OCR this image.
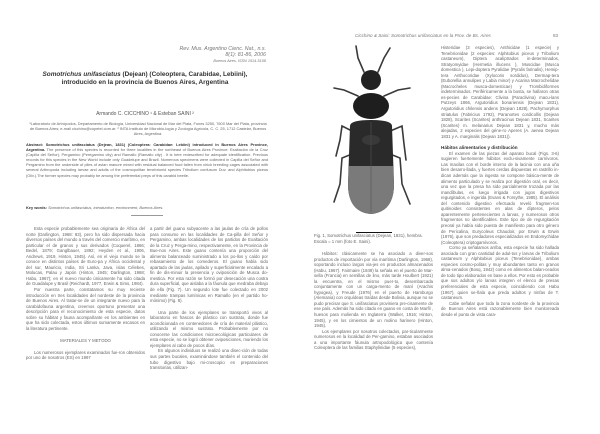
Rev. Mus. Argentino Cienc. Nat., n.s.
8(1): 81-86, 2006
Buenos Aires, ISSN 1514-5158
Somotrichus unifasciatus (Dejean) (Coleoptera, Carabidae, Lebiini), introducido en la provincia de Buenos Aires, Argentina
Armando C. CICCHINO ¹ & Esteban SAINI ²
¹Laboratorio de Artrópodos, Departamento de Biología, Universidad Nacional de Mar del Plata, Funes 3250, 7600 Mar del Plata, provincia de Buenos Aires; e-mail cicchino@copetel.com.ar. ² INTA Instituto de Microbio-logía y Zoología Agrícola, C. C. 25, 1712 Castelar, Buenos Aires, Argentina.
Abstract: Somotrichus unifasciatus (Dejean, 1831) (Coleoptera: Carabidae: Lebiini) introduced in Buenos Aires Province, Argentina. The presence of this species is recorded for three localities in the northeast of Buenos Aires Province: Exaltación de la Cruz (Capilla del Señor), Pergamino (Peregamino city) and Ramallo (Ramallo city) . It is here redescribed for adequate identification. Previous records for this species in the New World include only Guadelupe and Brazil. Numerous specimens were collected in Capilla del Señor and Pergamino from the underside of piles of avian manure mixed with residual balanced food fallen from chick breeding cages associated with several Arthropoda including larvae and adults of the cosmopolitan tenebrionid species Tribolium confusum Duv. and Alphitobius piceus (Oliv.).The former species may probably be among the preferential preys of this carabid beetle.
Key words: Somotrichus unifasciatus, introduction, environment, Buenos Aires.

Esta especie probablemente sea originaria de África del norte (Darlington, 1968: 83), pero ha sido dispersada hacia diversos países del mundo a través del comercio marítimo, en particular el de granos y sus derivados (Coquerel, 1866; Bedel, 1879; Ganglbauer, 1892; Heyden et al., 1906, Andrews, 1919, Hinton, 1945). Así, en el viejo mundo se la conoce en distintos países de Euro-pa y África occidental y del sur, Mauricio, India, Sri Lanka, Java, islas Célebes, Molucas, Palau y Japón (Hinton, 1945; Darlington, 1968; Habu, 1967); en el nuevo mundo únicamente ha sido citada de Guadalupe y Brasil (Reichardt, 1977, Erwin & Sims, 1984).

Por nuestra parte, constatamos su muy reciente introducción en tres localidades del nordeste de la provincia de Buenos Aires. Al tratar-se de un integrante nuevo para la carabidofauna argentina, creemos oportuno presentar una descripción para el reconocimiento de esta especie, datos sobre su hábitat y fauna acompañante en los ambientes en que ha sido colectada, estos últimos sumamente escasos en la literatura pertinente.

MATERIALES Y METODO

Los numerosos ejemplares examinados fue-ron obtenidos por uno de nosotros (ES) en 1997

a partir del guano subyacente a las jaulas de cría de pollos para consumo en las localidades de Ca-pilla del Señor y Pergamino, ambas localidades de los partidos de Exaltación de la Cruz y Perga-mino, respectivamente, en la Provincia de Bue-nos Aires. Este guano contenía una proporción del alimento balanceado suministrado a los po-llos y caído por rebasamiento de los comederos. El guano había sido apartado de las jaulas, apilado y superficialmente encalado a fin de dis-minuir la presencia y oviposición de Musca do-mestica. Por esta razón se formó por desecación una costra dura superficial, que aislaba a la fáunula que medraba debajo de ella (Fig. 7). Un segundo lote fue colectado en 2002 mediante trampas lumínicas en Ramallo (en el partido ho-mónimo) (Fig. 8).

Una parte de los ejemplares se transportó vivos al laboratorio en frascos de plástico con sustrato, donde fue acondicionada en contenedores de cría de material plástico, utilizando el mismo sustrato. Probablemente por no conocerse las condiciones microecológicas particulares de esta especie, no se logró obtener oviposiciones, muriendo los ejemplares al cabo de pocos días.

En algunos individuos se realizó una disec-ción de todas sus partes bucales, examinándose también el contenido del tubo digestivo bajo mi-croscopio en preparaciones transitorias, utilizan-

Cicchino & Saini: Somotrichus unifasciatus en la Prov. de Bs. Aires	83

Histeridae (3 especies), Anthicidae (1 especie) y Tenebrionidae (2 especies: Alphitobius piceus y Tribolium castaneum), Diptera acaliptrados in-determinados, Stratyomyidae (Hermetia illucens ), Muscidae (Musca domestica ), Lepi-doptera Pyralidae (Pyralis farinalis), Hemip-tera Anthocoridae (Xylocoris sordidus), Dermap-tera (Euborellia annulipes y Labia minor) y Acarina Macrochelidae (Macrocheles musca-domesticae) y Trombidiformes indeterminados. Periféricamente a la bosta, se hallaron otras es-pecies de Carabidae: Clivina (Paraclivina) macu-lans Putzeys 1866, Argutoridius bonariensis (Dejean 1831), Argutoridius chilensis andens (Dejean 1828), Pachymorphus striatulus (Fabricius 1792), Paranortes cordicollis (Dejean 1828), Scarites (Scarites) anthracinus Dejean 1831, Scarites (Scarites) m. melanarius Dejean 1831 y, mucho más alejadas, 2 especies del géne-ro Aperes (A. aenea Dejean 1831 y A. marginalis (Dejean 1831)).

Hábitos alimentarios y distribución

El examen de las piezas del aparato bucal (Figs. 3-6) sugieren fuertemente hábitos exclu-sivamente carnívoros. Las maxilas con el borde interno de la lacinia con una uña bien desarro-llada, y fuertes cerdas dispuestas en rastrillo in-dican además que la ingesta se compone básica-mente de alimento particulado y se realiza por digestión oral, es decir, una vez que la presa ha sido parcialmente trozada por las mandíbulas, es luego irrigada con jugos digestivos regurgitados, e ingerida (Evans & Forsythe, 1985). El análisis del contenido digestivo efectuado reveló fragmen-tos quitinoides consistentes en alas de dípteros, pelos aparentemente pertenecientes a larvas, y numerosos otros fragmentos no identificables. Este tipo de de regurgitación preoral ya había sido puesta de manifiesto para otro género de Pericalina, Eurycoleus Chaudoir, por Erwin & Erwin (1976), que son predadores especializados en Endomychidae (Coleoptera) criptogamívoros.

Como ya señalamos arriba, esta especie ha sido hallada asociada con gran cantidad de adul-tos y larvas de Tribolium castaneum y Alphitobius piceus (Tenebrionidae), ambas especies cosmo-politas y muy abundantes tanto en granos alma-cenados (Bosq, 1942) como en alimentos balan-ceados de todo tipo elaborados en base a ellos. Por esto es probable que sus adultos y/o larvas integren el elenco de presas preferenciales de esta especie, coincidiendo con Habu (1967), quien se-ñala que preda adultos y ninfas de T. castaneum.

Cabe señalar que toda la zona nordeste de la provincia de Buenos Aires está razonablemente bien monitoreada desde el punto de vista cara-

Fig. 1, Somotrichus unifasciatus (Dejean, 1831), hembra. Escala = 1 mm (foto E. Saini).

Hábitos: clásicamente se ha asociado a diver-sos productos de importación por vía marítima (Darlington, 1968), soportando incluso largos via-jes en productos almacenados (Habu, 1967). Fairmaire (1849) la señala en el puerto de Mar-sella (Francia) en semillas de lino, más tarde Houlbert (1921) la encuentra, en el mismo puer-to, desembarcada conjuntamente con un carga-mento de maní (Arachis hypogea), y Freude (1976) en el puerto de Hamburgo (Alemania) con orquídeas traídas desde Bolivia, aunque no se pudo precisar que S. unifasciatus proviniera pre-cisamente de ese país. Además ha sido citado en guano en costa de Marfil , huesos para molienda en Inglaterra (Walker, 1916; Hinton, 1945), y en los cimientos de un molino harinero (Hinton, 1945).

Los ejemplares por nosotros colectados, par-ticularmente numerosos en la localidad de Per-gamino, estaban asociados a una importante fáunula artropodológica que contenía Coleoptera de las familias Staphylinidae (5 especies),
